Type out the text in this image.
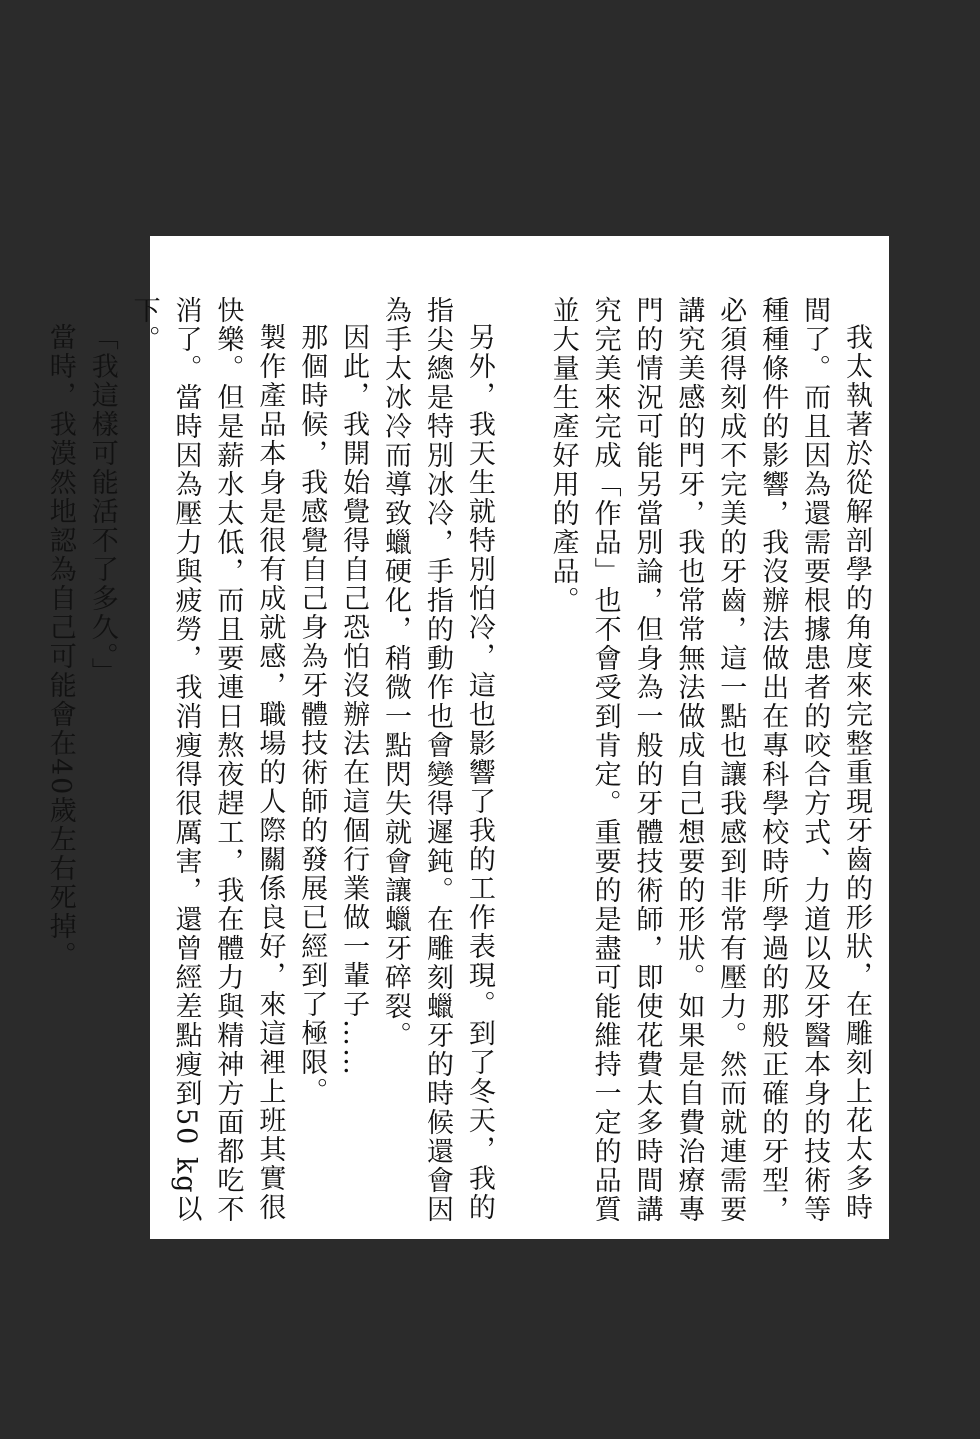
我太執著於從解剖學的角度來完整重現牙齒的形狀，在雕刻上花太多時間了。而且因為還需要根據患者的咬合方式、力道以及牙醫本身的技術等種種條件的影響，我沒辦法做出在專科學校時所學過的那般正確的牙型，必須得刻成不完美的牙齒，這一點也讓我感到非常有壓力。然而就連需要講究美感的門牙，我也常常無法做成自己想要的形狀。如果是自費治療專門的情況可能另當別論，但身為一般的牙體技術師，即使花費太多時間講究完美來完成「作品」也不會受到肯定。重要的是盡可能維持一定的品質並大量生產好用的產品。

另外，我天生就特別怕冷，這也影響了我的工作表現。到了冬天，我的指尖總是特別冰冷，手指的動作也會變得遲鈍。在雕刻蠟牙的時候還會因為手太冰冷而導致蠟硬化，稍微一點閃失就會讓蠟牙碎裂。

因此，我開始覺得自己恐怕沒辦法在這個行業做一輩子……

那個時候，我感覺自己身為牙體技術師的發展已經到了極限。

製作產品本身是很有成就感，職場的人際關係良好，來這裡上班其實很快樂。但是薪水太低，而且要連日熬夜趕工，我在體力與精神方面都吃不消了。當時因為壓力與疲勞，我消瘦得很厲害，還曾經差點瘦到50 kg以下。

「我這樣可能活不了多久。」

當時，我漠然地認為自己可能會在40歲左右死掉。
